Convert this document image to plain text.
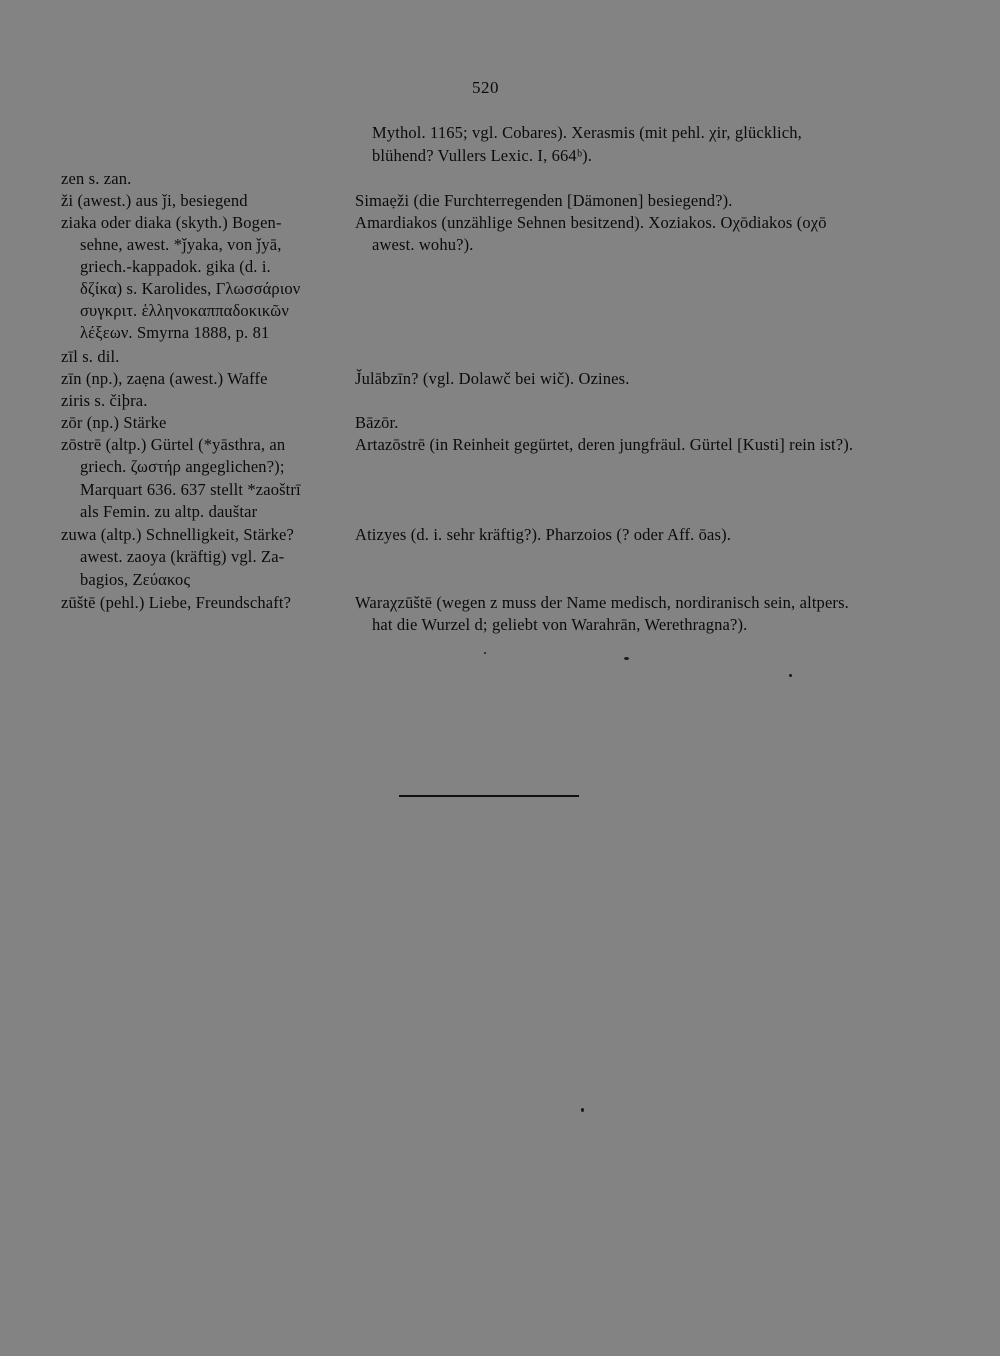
520
zen s. zan.
ži (awest.) aus ǰi, besiegend
ziaka oder diaka (skyth.) Bogen-
sehne, awest. *ǰyaka, von ǰyā,
griech.-kappadok. gika (d. i.
δζίκα) s. Karolides, Γλωσσάριον
συγκριτ. ἑλληνοκαππαδοκικῶν
λέξεων. Smyrna 1888, p. 81
zīl s. dil.
zīn (np.), zaẹna (awest.) Waffe
ziris s. čiþra.
zōr (np.) Stärke
zōstrē (altp.) Gürtel (*yāsthra, an
griech. ζωστήρ angeglichen?);
Marquart 636. 637 stellt *zaoštrī
als Femin. zu altp. dauštar
zuwa (altp.) Schnelligkeit, Stärke?
awest. zaoya (kräftig) vgl. Za-
bagios, Ζεύακος
zūštē (pehl.) Liebe, Freundschaft?
Mythol. 1165; vgl. Cobares). Xerasmis (mit pehl. χir, glücklich,
blühend? Vullers Lexic. I, 664ᵇ).
Simaẹži (die Furchterregenden [Dämonen] besiegend?).
Amardiakos (unzählige Sehnen besitzend). Xoziakos. Οχōdiakos (oχō
awest. wohu?).
J̌ulābzīn? (vgl. Dolawč bei wič). Ozines.
Bāzōr.
Artazōstrē (in Reinheit gegürtet, deren jungfräul. Gürtel [Kusti] rein ist?).
Atizyes (d. i. sehr kräftig?). Pharzoios (? oder Aff. ōas).
Waraχzūštē (wegen z muss der Name medisch, nordiranisch sein, altpers.
hat die Wurzel d; geliebt von Warahrān, Werethragna?).
